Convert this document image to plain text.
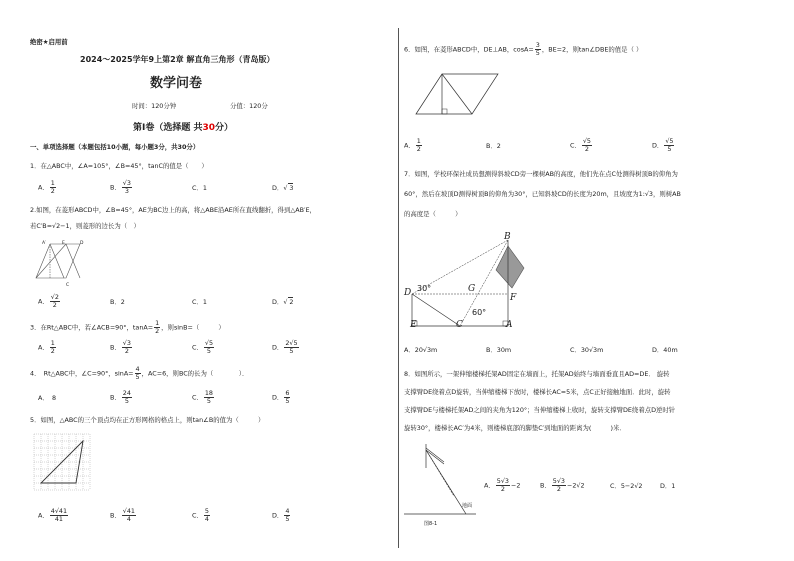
绝密★启用前
2024～2025学年9上第2章 解直角三角形（青岛版）
数学问卷
时间：120分钟	分值：120分
第Ⅰ卷（选择题 共30分）
一、单项选择题（本题包括10小题，每小题3分，共30分）
1．在△ABC中，∠A=105°，∠B=45°，tanC的值是（　　）
A． $\frac{1}{2}$	B． $\frac{√3}{3}$	C．1	D．√ 3
2.如图，在菱形ABCD中，∠B=45°，AE为BC边上的高，将△ABE沿AE所在直线翻折，得到△AB′E，
若C′B=√2−1，则菱形的边长为（　）
A′	E	D
C
A． $\frac{√2}{2}$	B．2	C．1	D．√ 2
3．在Rt△ABC中，若∠ACB=90°，$\tan A= \frac{1}{2}$ ，则sinB=（　　　）
A． $\frac{1}{2}$	B． $\frac{√3}{2}$	C． $\frac{√5}{5}$	D． $\frac{2√5}{5}$
4．　Rt△ABC中，∠C=90°，$\sin A= \frac{4}{5}$ ，AC=6，则BC的长为（　　　　）．
A．　8	B． $\frac{24}{5}$	C． $\frac{18}{5}$	D． $\frac{6}{5}$
5．如图，△ABC的三个顶点均在正方形网格的格点上，则tan∠B的值为（　　　）
A． $\frac{4√41}{41}$	B． $\frac{√41}{4}$	C． $\frac{5}{4}$	D． $\frac{4}{5}$
6．如图，在菱形ABCD中，DE⊥AB，$\cos A= \frac{3}{5}$ ，BE=2，则tan∠DBE的值是（ ）
A． $\frac{1}{2}$	B．2	C． $\frac{√5}{2}$	D． $\frac{√5}{5}$
7．如图，学校环保社成员想测得斜坡CD旁一棵树AB的高度，他们先在点C处测得树顶B的仰角为
60°，然后在坡顶D测得树顶B的仰角为30°，已知斜坡CD的长度为20m，且坡度为1:√3，则树AB
的高度是（　　　）
B
D 30°	G
F
60°
E	C	A
A．20√3m	B．30m	C．30√3m	D．40m
8．如图所示，一架伸缩楼梯托架AD固定在墙面上，托架AD始终与墙面垂直且AD=DE． 旋转
支撑臂DE绕着点D旋转，当伸缩楼梯下放时，楼梯长AC=5米，点C正好接触地面．此时，旋转
支撑臂DE与楼梯托架AD之间的夹角为120°；当伸缩楼梯上收时，旋转支撑臂DE绕着点D逆时针
旋转30°，楼梯长AC′为4米，则楼梯底部的脚垫C′到地面的距离为(　　　)米．
地面
图8-1
A． $\frac{5√3}{2} -2$	B． $\frac{5√3}{2} -2√2$	C．5−2√2	D．1
